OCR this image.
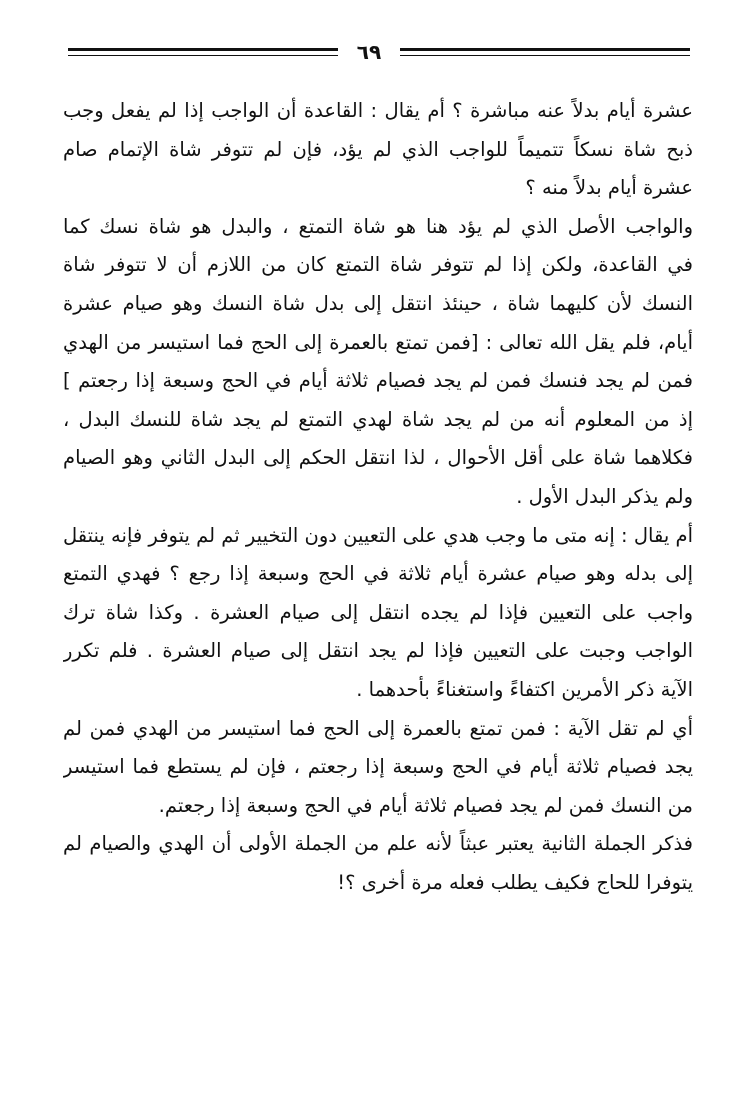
٦٩
عشرة أيام بدلاً عنه مباشرة ؟ أم يقال : القاعدة أن الواجب إذا لم يفعل وجب
ذبح شاة نسكاً تتميماً للواجب الذي لم يؤد، فإن لم تتوفر شاة الإتمام صام
عشرة أيام بدلاً منه ؟
والواجب الأصل الذي لم يؤد هنا هو شاة التمتع ، والبدل هو شاة نسك كما
في القاعدة، ولكن إذا لم تتوفر شاة التمتع كان من اللازم أن لا تتوفر شاة
النسك لأن كليهما شاة ، حينئذ انتقل إلى بدل شاة النسك وهو صيام عشرة
أيام، فلم يقل الله تعالى : [فمن تمتع بالعمرة إلى الحج فما استيسر من الهدي
فمن لم يجد فنسك فمن لم يجد فصيام ثلاثة أيام في الحج وسبعة إذا رجعتم ]
إذ من المعلوم أنه من لم يجد شاة لهدي التمتع لم يجد شاة للنسك البدل ،
فكلاهما شاة على أقل الأحوال ، لذا انتقل الحكم إلى البدل الثاني وهو الصيام
ولم يذكر البدل الأول .
أم يقال : إنه متى ما وجب هدي على التعيين دون التخيير ثم لم يتوفر فإنه ينتقل
إلى بدله وهو صيام عشرة أيام ثلاثة في الحج وسبعة إذا رجع ؟ فهدي التمتع
واجب على التعيين فإذا لم يجده انتقل إلى صيام العشرة . وكذا شاة ترك
الواجب وجبت على التعيين فإذا لم يجد انتقل إلى صيام العشرة . فلم تكرر
الآية ذكر الأمرين اكتفاءً واستغناءً بأحدهما .
أي لم تقل الآية : فمن تمتع بالعمرة إلى الحج فما استيسر من الهدي فمن لم
يجد فصيام ثلاثة أيام في الحج وسبعة إذا رجعتم ، فإن لم يستطع فما استيسر
من النسك فمن لم يجد فصيام ثلاثة أيام في الحج وسبعة إذا رجعتم.
فذكر الجملة الثانية يعتبر عبثاً لأنه علم من الجملة الأولى أن الهدي والصيام لم
يتوفرا للحاج فكيف يطلب فعله مرة أخرى ؟!
